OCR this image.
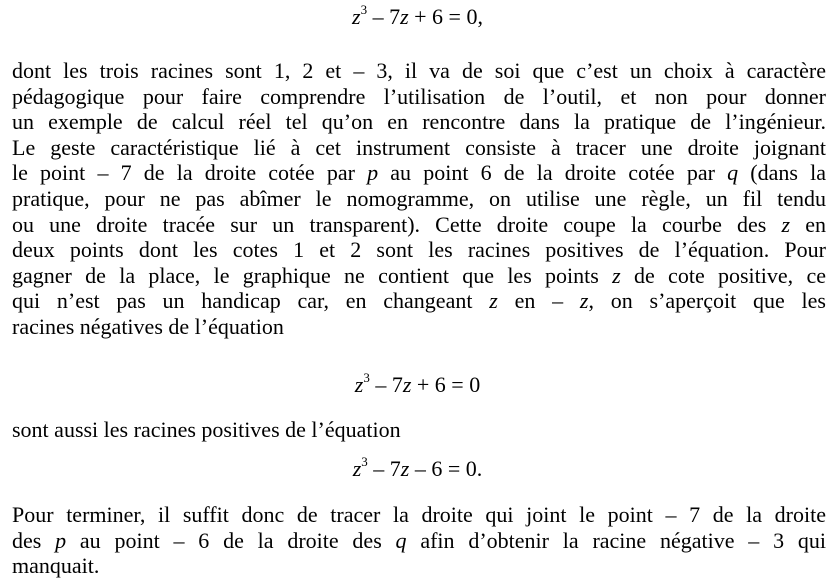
$z^3 - 7z + 6 = 0$,
dont les trois racines sont 1, 2 et – 3, il va de soi que c’est un choix à caractère
pédagogique pour faire comprendre l’utilisation de l’outil, et non pour donner
un exemple de calcul réel tel qu’on en rencontre dans la pratique de l’ingénieur.
Le geste caractéristique lié à cet instrument consiste à tracer une droite joignant
le point – 7 de la droite cotée par p au point 6 de la droite cotée par q (dans la
pratique, pour ne pas abîmer le nomogramme, on utilise une règle, un fil tendu
ou une droite tracée sur un transparent). Cette droite coupe la courbe des z en
deux points dont les cotes 1 et 2 sont les racines positives de l’équation. Pour
gagner de la place, le graphique ne contient que les points z de cote positive, ce
qui n’est pas un handicap car, en changeant z en – z, on s’aperçoit que les
racines négatives de l’équation
$z^3 - 7z + 6 = 0$
sont aussi les racines positives de l’équation
$z^3 - 7z - 6 = 0$.
Pour terminer, il suffit donc de tracer la droite qui joint le point – 7 de la droite
des p au point – 6 de la droite des q afin d’obtenir la racine négative – 3 qui
manquait.
